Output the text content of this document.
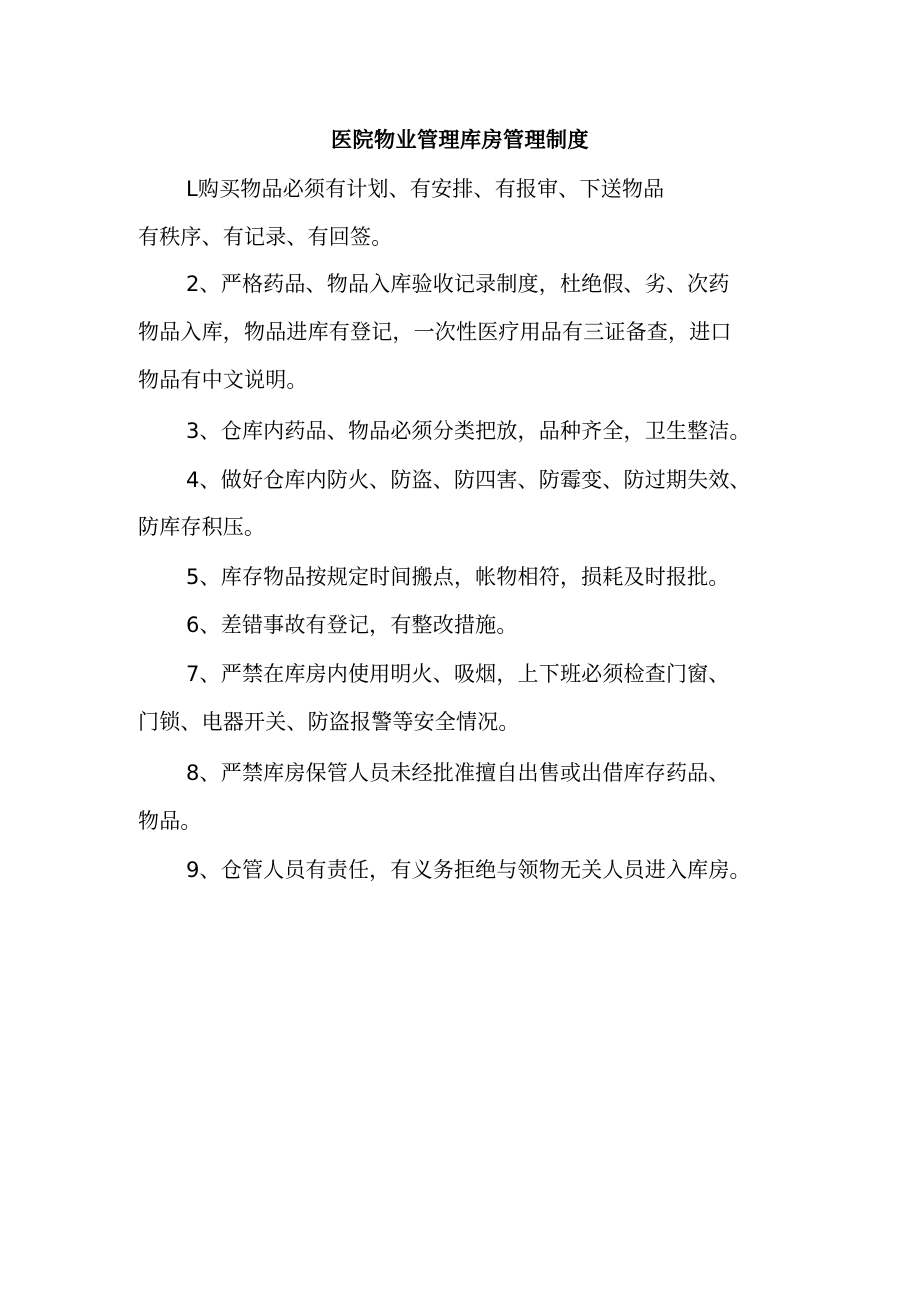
医院物业管理库房管理制度
L购买物品必须有计划、有安排、有报审、下送物品
有秩序、有记录、有回签。
2、严格药品、物品入库验收记录制度，杜绝假、劣、次药
物品入库，物品进库有登记，一次性医疗用品有三证备查，进口
物品有中文说明。
3、仓库内药品、物品必须分类把放，品种齐全，卫生整洁。
4、做好仓库内防火、防盗、防四害、防霉变、防过期失效、
防库存积压。
5、库存物品按规定时间搬点，帐物相符，损耗及时报批。
6、差错事故有登记，有整改措施。
7、严禁在库房内使用明火、吸烟，上下班必须检查门窗、
门锁、电器开关、防盗报警等安全情况。
8、严禁库房保管人员未经批准擅自出售或出借库存药品、
物品。
9、仓管人员有责任，有义务拒绝与领物无关人员进入库房。
